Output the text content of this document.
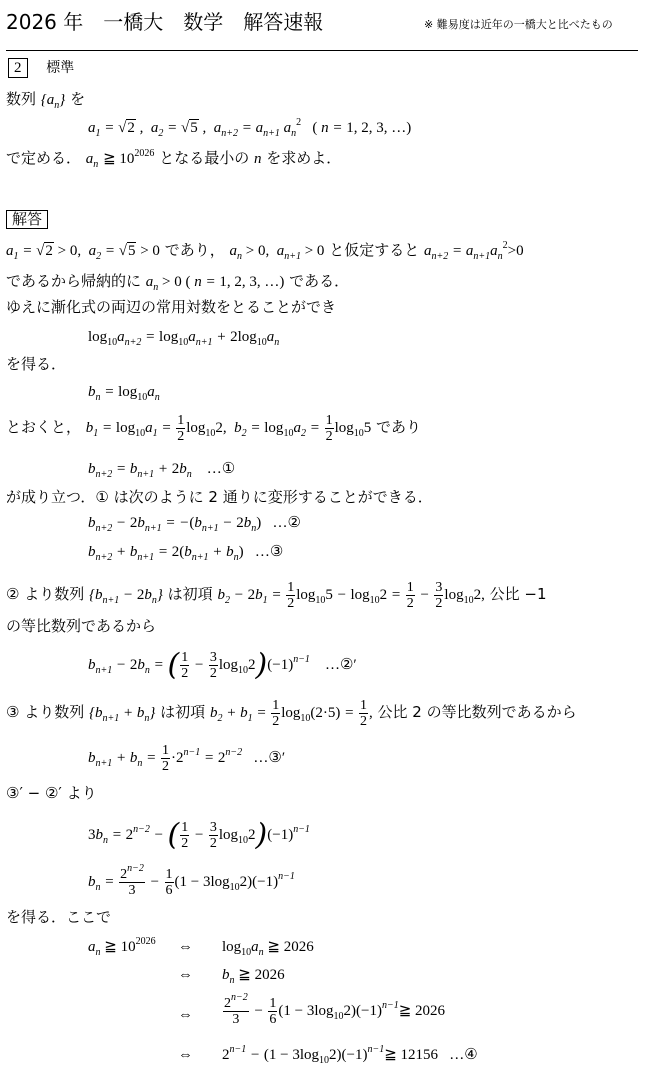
2026 年　一橋大　数学　解答速報	※ 難易度は近年の一橋大と比べたもの
2 標準
数列 $\{a_n\}$ を
$a_1 = √2$ ,  $a_2 = √5$ ,  $a_{n+2} = a_{n+1}$ $a_n^2$ ( n = 1, 2, 3, …)
で定める． $a_n$ ≧ $10^{2026}$ となる最小の n を求めよ．
解答
$a_1 = √2 > 0$,  $a_2 = √5 > 0$ であり， $a_n > 0$,  $a_{n+1} > 0$ と仮定すると $a_{n+2} = a_{n+1}a_n^2>0$
であるから帰納的に $a_n > 0$ ( n = 1, 2, 3, …) である．
ゆえに漸化式の両辺の常用対数をとることができ
$\log_{10}a_{n+2} = \log_{10}a_{n+1} + 2\log_{10}a_n$
を得る．
$b_n = \log_{10}a_n$
とおくと， $b_1 = \log_{10}a_1 = \frac{1}{2} \log_{10}2$,  $b_2 = \log_{10}a_2 = \frac{1}{2} \log_{10}5$ であり
$b_{n+2} = b_{n+1} + 2b_n$ …①
が成り立つ．① は次のように 2 通りに変形することができる．
$b_{n+2} - 2b_{n+1} = -(b_{n+1} - 2b_n)$ …②
$b_{n+2} + b_{n+1} = 2(b_{n+1} + b_n)$ …③
② より数列 $\{b_{n+1} - 2b_n\}$ は初項 $b_2 - 2b_1 = \frac{1}{2} \log_{10}5 - \log_{10}2 = \frac{1}{2} - \frac{3}{2} \log_{10}2$, 公比 −1
の等比数列であるから
$b_{n+1} - 2b_n$ = ( $\frac{1}{2} - \frac{3}{2} \log_{10}2)(-1)^{n-1}$ …②′
③ より数列 $\{b_{n+1} + b_n\}$ は初項 $b_2 + b_1 = \frac{1}{2} \log_{10}(2\cdot 5) = \frac{1}{2}$ , 公比 2 の等比数列であるから
$b_{n+1} + b_n = \frac{1}{2} \cdot 2^{n-1} = 2^{n-2}$ …③′
③′ − ②′ より
$3b_n = 2^{n-2}$ − ( $\frac{1}{2} - \frac{3}{2} \log_{10}2)(-1)^{n-1}$
$b_n = \frac{2^{n-2}}{3} - \frac{1}{6} (1 - 3\log_{10}2)(-1)^{n-1}$
を得る．ここで
$a_n$ ≧ $10^{2026}$ ⇔ $\log_{10}a_n$ ≧ 2026
⇔ $b_n$ ≧ 2026
⇔ $\frac{2^{n-2}}{3} - \frac{1}{6} (1$ − $3\log_{10}2)(-1)^{n-1}≧$ 2026
⇔ $2^{n-1} - (1$ − $3\log_{10}2)(-1)^{n-1}≧$ 12156 …④
